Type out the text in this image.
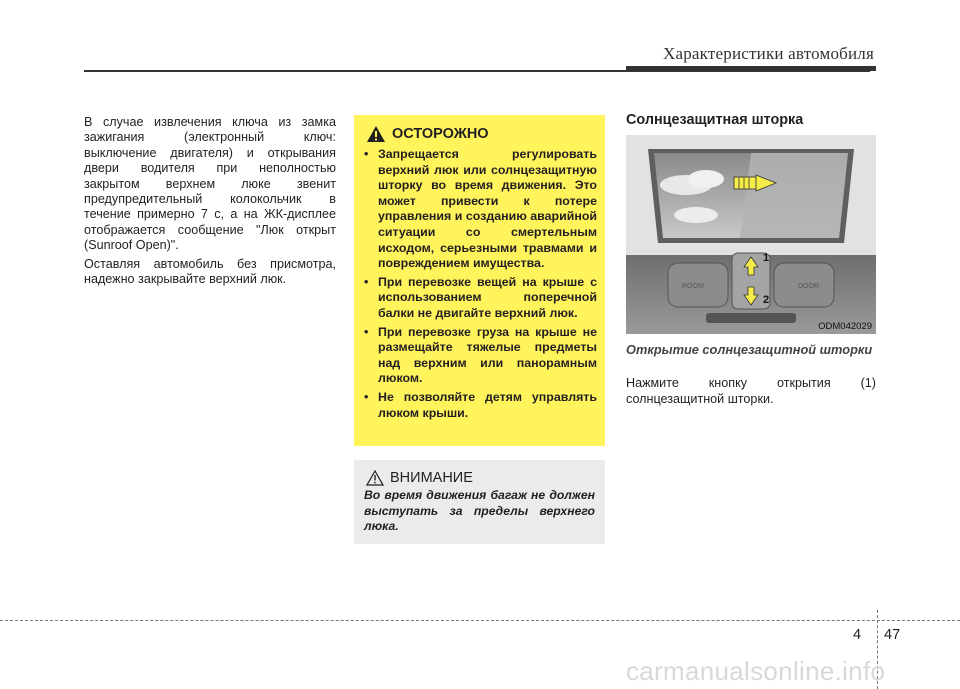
Характеристики автомобиля

В случае извлечения ключа из замка зажигания (электронный ключ: выключение двигателя) и открывания двери водителя при неполностью закрытом верхнем люке звенит предупредительный колокольчик в течение примерно 7 с, а на ЖК-дисплее отображается сообщение "Люк открыт (Sunroof Open)".

Оставляя автомобиль без присмотра, надежно закрывайте верхний люк.

ОСТОРОЖНО
• Запрещается регулировать верхний люк или солнцезащитную шторку во время движения. Это может привести к потере управления и созданию аварийной ситуации со смертельным исходом, серьезными травмами и повреждением имущества.
• При перевозке вещей на крыше с использованием поперечной балки не двигайте верхний люк.
• При перевозке груза на крыше не размещайте тяжелые предметы над верхним или панорамным люком.
• Не позволяйте детям управлять люком крыши.
ВНИМАНИЕ

Во время движения багаж не должен выступать за пределы верхнего люка.

Солнцезащитная шторка
ROOM	DOOR
1
2
ODM042029
Открытие солнцезащитной шторки
Нажмите кнопку открытия (1) солнцезащитной шторки.
4 47
carmanualsonline.info
